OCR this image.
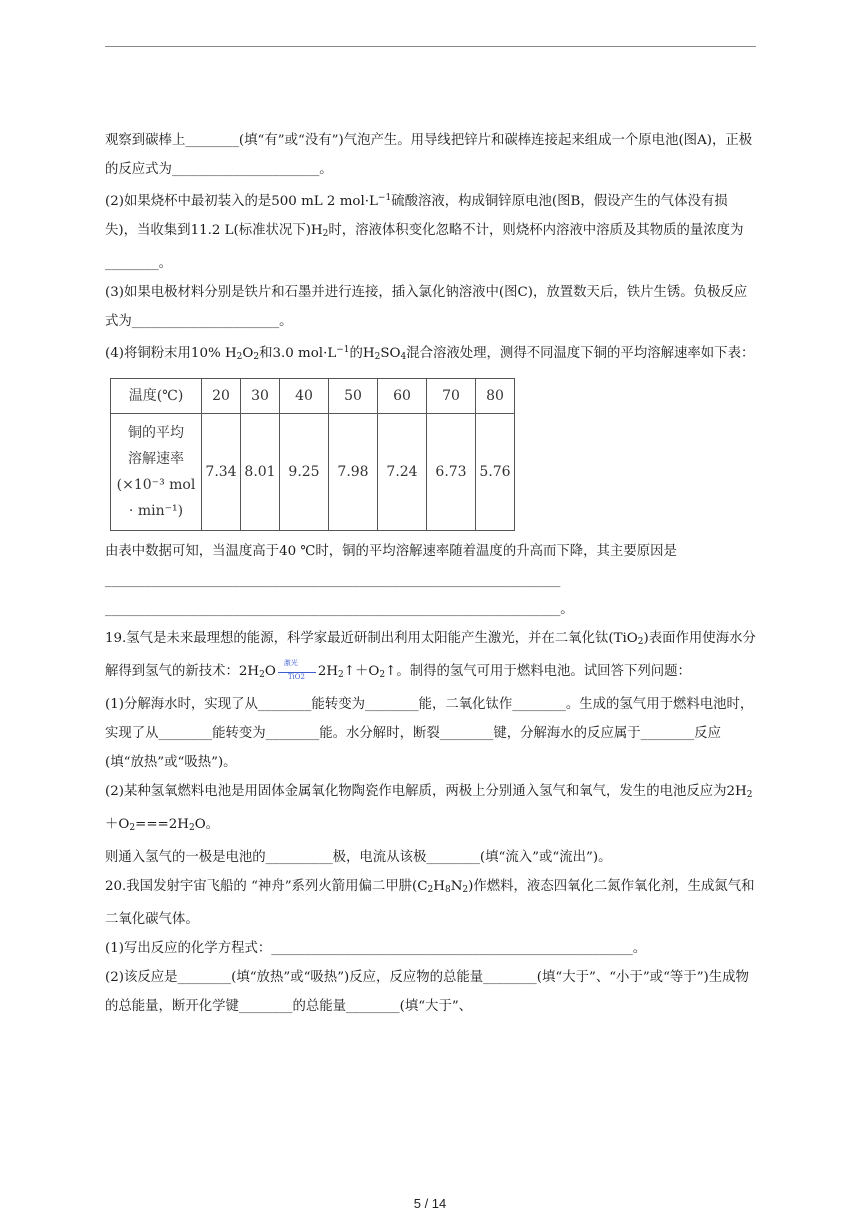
观察到碳棒上________(填“有”或“没有”)气泡产生。用导线把锌片和碳棒连接起来组成一个原电池(图A)，正极的反应式为______________________。

(2)如果烧杯中最初装入的是500 mL 2 $mol\cdot L^{-1}$硫酸溶液，构成铜锌原电池(图B，假设产生的气体没有损失)，当收集到11.2 L(标准状况下)$H_2$时，溶液体积变化忽略不计，则烧杯内溶液中溶质及其物质的量浓度为________。

(3)如果电极材料分别是铁片和石墨并进行连接，插入氯化钠溶液中(图C)，放置数天后，铁片生锈。负极反应式为______________________。

(4)将铜粉末用10% $H_2O_2$和3.0 $mol\cdot L^{-1}$的$H_2SO_4$混合溶液处理，测得不同温度下铜的平均溶解速率如下表：

温度(℃)	20	30	40	50	60	70	80

铜的平均
溶解速率
(×10⁻³ mol
· min⁻¹)	7.34	8.01	9.25	7.98	7.24	6.73	5.76

由表中数据可知，当温度高于40 ℃时，铜的平均溶解速率随着温度的升高而下降，其主要原因是

____________________________________________________________________

____________________________________________________________________。

19.氢气是未来最理想的能源，科学家最近研制出利用太阳能产生激光，并在二氧化钛(TiO$_2$)表面作用使海水分解得到氢气的新技术：$2H_2O$
激光
TiO2 $2H_2↑+O_2↑$。制得的氢气可用于燃料电池。试回答下列问题：

(1)分解海水时，实现了从________能转变为________能，二氧化钛作________。生成的氢气用于燃料电池时，实现了从________能转变为________能。水分解时，断裂________键，分解海水的反应属于________反应(填“放热”或“吸热”)。

(2)某种氢氧燃料电池是用固体金属氧化物陶瓷作电解质，两极上分别通入氢气和氧气，发生的电池反应为$2H_2+O_2===2H_2O$。

则通入氢气的一极是电池的__________极，电流从该极________(填“流入”或“流出”)。

20.我国发射宇宙飞船的 “神舟”系列火箭用偏二甲肼$(C_2H_8N_2)$作燃料，液态四氧化二氮作氧化剂，生成氮气和二氧化碳气体。

(1)写出反应的化学方程式：______________________________________________________。

(2)该反应是________(填“放热”或“吸热”)反应，反应物的总能量________(填“大于”、“小于”或“等于”)生成物的总能量，断开化学键________的总能量________(填“大于”、

5 / 14
